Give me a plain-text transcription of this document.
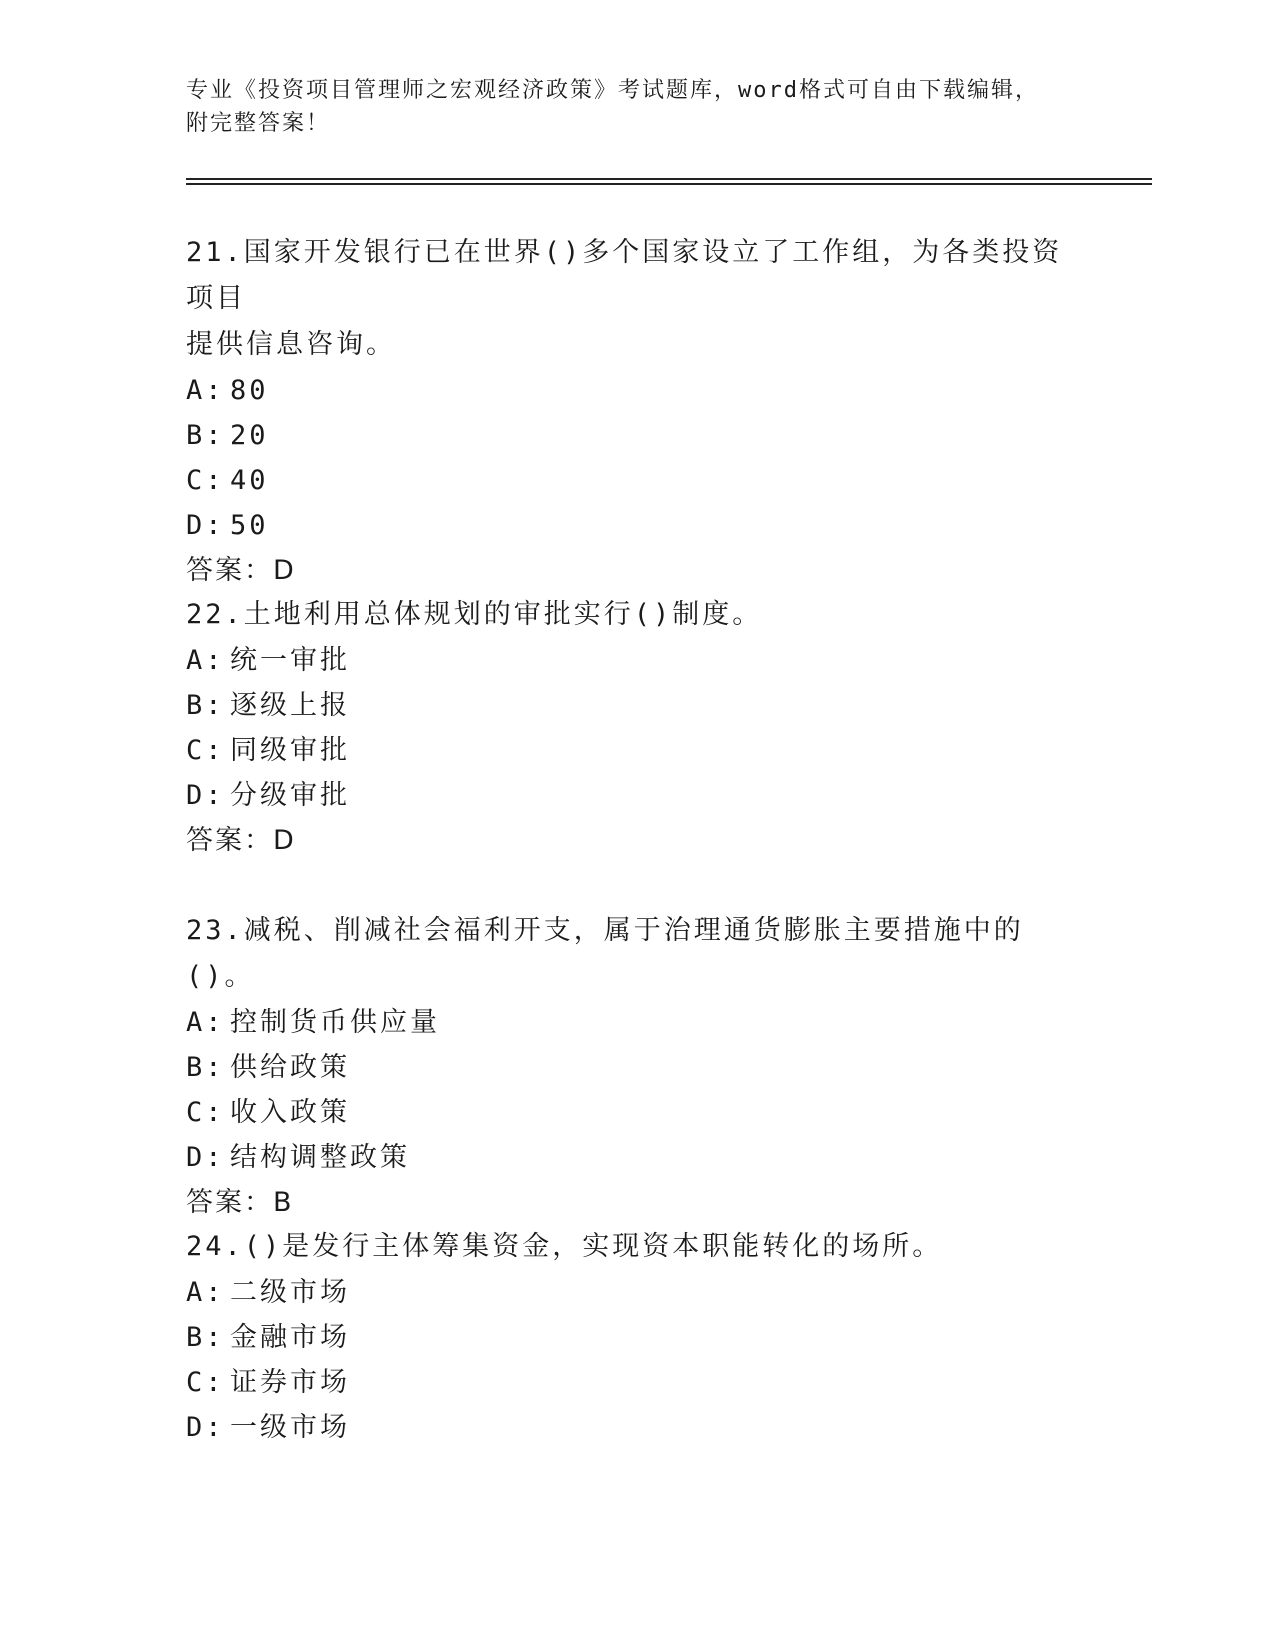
专业《投资项目管理师之宏观经济政策》考试题库，word格式可自由下载编辑，
附完整答案！

21.国家开发银行已在世界()多个国家设立了工作组，为各类投资项目

提供信息咨询。

A: 80

B: 20

C: 40

D: 50

答案：D

22.土地利用总体规划的审批实行()制度。

A: 统一审批

B: 逐级上报

C: 同级审批

D: 分级审批

答案：D

23.减税、削减社会福利开支，属于治理通货膨胀主要措施中的()。

A: 控制货币供应量

B: 供给政策

C: 收入政策

D: 结构调整政策

答案：B

24.()是发行主体筹集资金，实现资本职能转化的场所。

A: 二级市场

B: 金融市场

C: 证券市场

D: 一级市场
